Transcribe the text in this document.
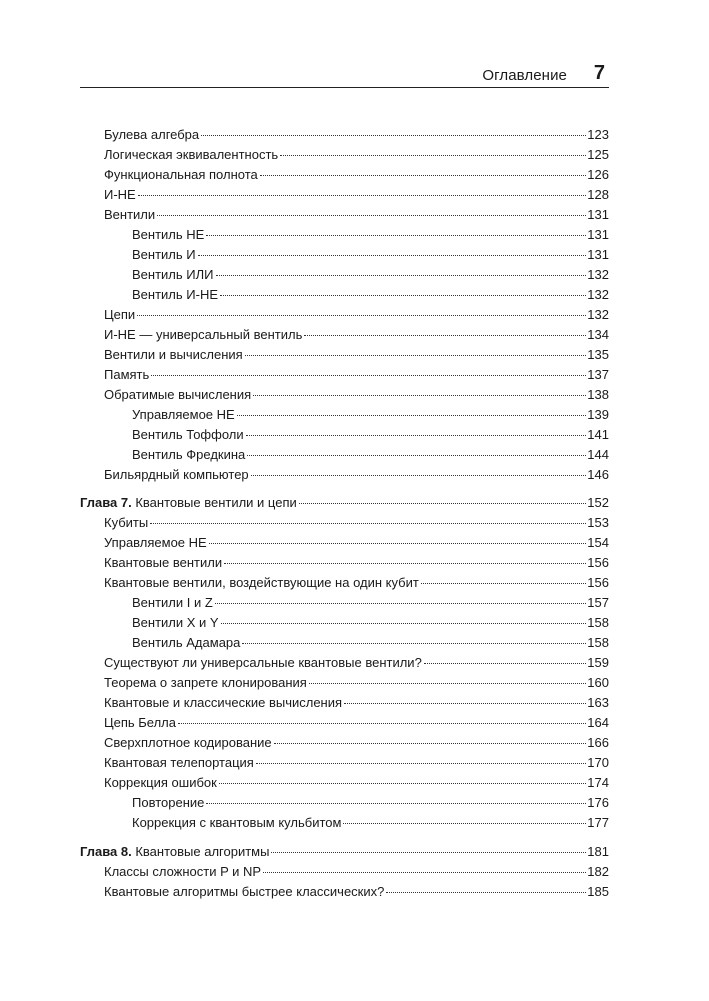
Оглавление 7
Булева алгебра	123
Логическая эквивалентность	125
Функциональная полнота	126
И-НЕ	128
Вентили	131
Вентиль НЕ	131
Вентиль И	131
Вентиль ИЛИ	132
Вентиль И-НЕ	132
Цепи	132
И-НЕ — универсальный вентиль	134
Вентили и вычисления	135
Память	137
Обратимые вычисления	138
Управляемое НЕ	139
Вентиль Тоффоли	141
Вентиль Фредкина	144
Бильярдный компьютер	146
Глава 7. Квантовые вентили и цепи	152
Кубиты	153
Управляемое НЕ	154
Квантовые вентили	156
Квантовые вентили, воздействующие на один кубит	156
Вентили I и Z	157
Вентили X и Y	158
Вентиль Адамара	158
Существуют ли универсальные квантовые вентили?	159
Теорема о запрете клонирования	160
Квантовые и классические вычисления	163
Цепь Белла	164
Сверхплотное кодирование	166
Квантовая телепортация	170
Коррекция ошибок	174
Повторение	176
Коррекция с квантовым кульбитом	177
Глава 8. Квантовые алгоритмы	181
Классы сложности P и NP	182
Квантовые алгоритмы быстрее классических?	185
